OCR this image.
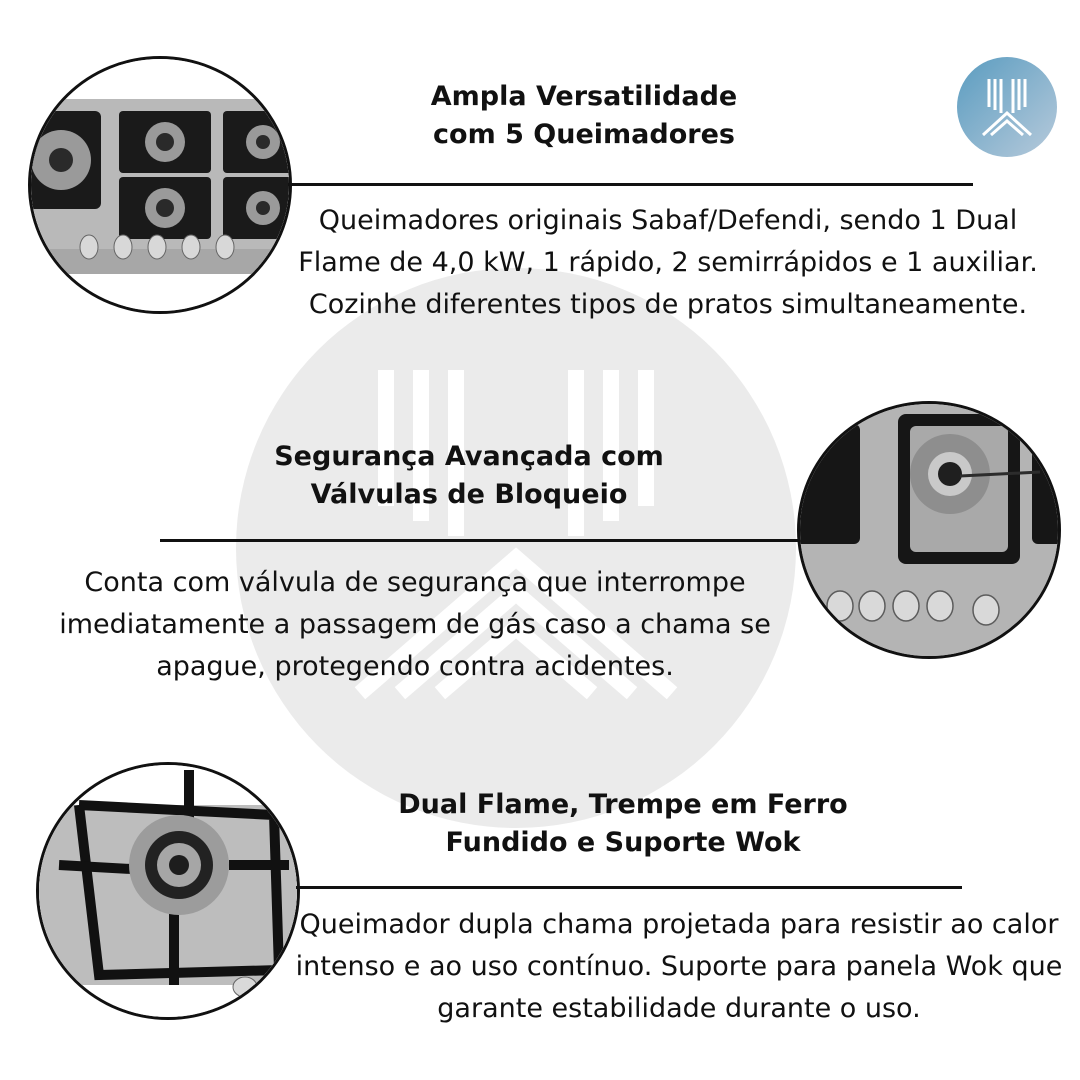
Ampla Versatilidade
com 5 Queimadores

Queimadores originais Sabaf/Defendi, sendo 1 Dual Flame de 4,0 kW, 1 rápido, 2 semirrápidos e 1 auxiliar. Cozinhe diferentes tipos de pratos simultaneamente.

Segurança Avançada com
Válvulas de Bloqueio

Conta com válvula de segurança que interrompe imediatamente a passagem de gás caso a chama se apague, protegendo contra acidentes.

Dual Flame, Trempe em Ferro
Fundido e Suporte Wok

Queimador dupla chama projetada para resistir ao calor intenso e ao uso contínuo. Suporte para panela Wok que garante estabilidade durante o uso.
